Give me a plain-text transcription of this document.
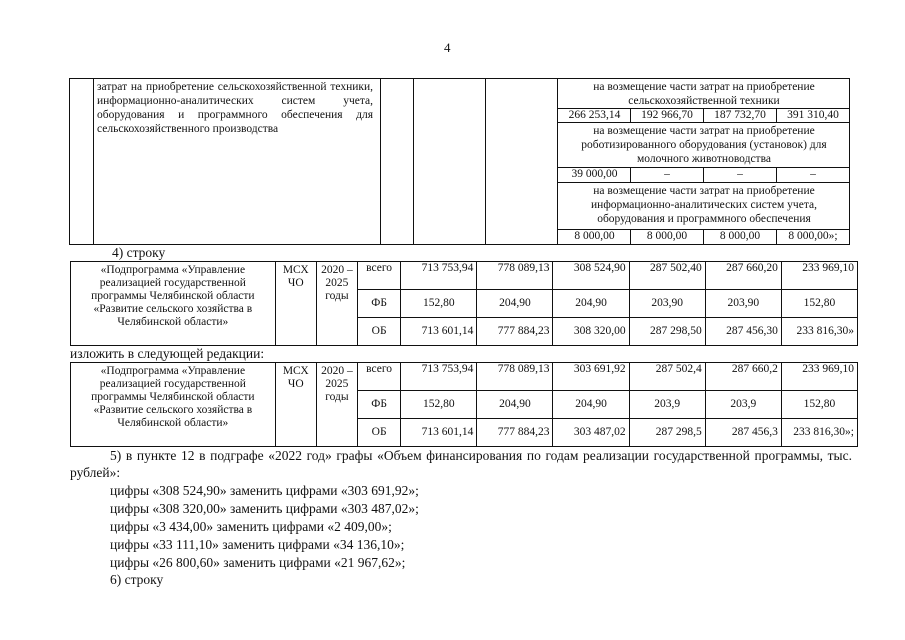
4
затрат на приобретение сельскохозяйственной техники, информационно-аналитических систем учета, оборудования и программного обеспечения для сельскохозяйственного производства
на возмещение части затрат на приобретение сельскохозяйственной техники
266 253,14	192 966,70	187 732,70	391 310,40
на возмещение части затрат на приобретение роботизированного оборудования (установок) для молочного животноводства
39 000,00	–	–	–
на возмещение части затрат на приобретение информационно-аналитических систем учета, оборудования и программного обеспечения
8 000,00	8 000,00	8 000,00	8 000,00»;
4) строку
«Подпрограмма «Управление реализацией государственной программы Челябинской области «Развитие сельского хозяйства в Челябинской области»	МСХ ЧО	2020 – 2025 годы	всего	713 753,94	778 089,13	308 524,90	287 502,40	287 660,20	233 969,10
			ФБ	152,80	204,90	204,90	203,90	203,90	152,80
			ОБ	713 601,14	777 884,23	308 320,00	287 298,50	287 456,30	233 816,30»
изложить в следующей редакции:
«Подпрограмма «Управление реализацией государственной программы Челябинской области «Развитие сельского хозяйства в Челябинской области»	МСХ ЧО	2020 – 2025 годы	всего	713 753,94	778 089,13	303 691,92	287 502,4	287 660,2	233 969,10
			ФБ	152,80	204,90	204,90	203,9	203,9	152,80
			ОБ	713 601,14	777 884,23	303 487,02	287 298,5	287 456,3	233 816,30»;
5) в пункте 12 в подграфе «2022 год» графы «Объем финансирования по годам реализации государственной программы, тыс. рублей»:
цифры «308 524,90» заменить цифрами «303 691,92»;
цифры «308 320,00» заменить цифрами «303 487,02»;
цифры «3 434,00» заменить цифрами «2 409,00»;
цифры «33 111,10» заменить цифрами «34 136,10»;
цифры «26 800,60» заменить цифрами «21 967,62»;
6) строку
